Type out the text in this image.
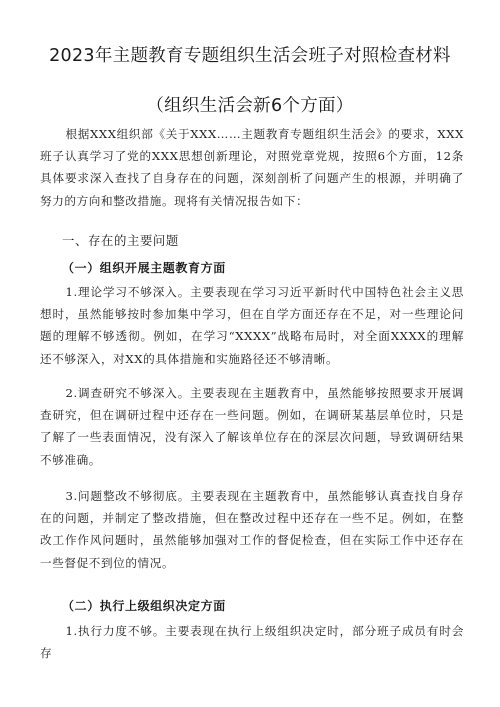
2023年主题教育专题组织生活会班子对照检查材料
（组织生活会新6个方面）
根据XXX组织部《关于XXX……主题教育专题组织生活会》的要求，XXX班子认真学习了党的XXX思想创新理论，对照党章党规，按照6个方面，12条具体要求深入查找了自身存在的问题，深刻剖析了问题产生的根源，并明确了努力的方向和整改措施。现将有关情况报告如下：
一、存在的主要问题
（一）组织开展主题教育方面
1.理论学习不够深入。主要表现在学习习近平新时代中国特色社会主义思想时，虽然能够按时参加集中学习，但在自学方面还存在不足，对一些理论问题的理解不够透彻。例如，在学习“XXXX”战略布局时，对全面XXXX的理解还不够深入，对XX的具体措施和实施路径还不够清晰。
2.调查研究不够深入。主要表现在主题教育中，虽然能够按照要求开展调查研究，但在调研过程中还存在一些问题。例如，在调研某基层单位时，只是了解了一些表面情况，没有深入了解该单位存在的深层次问题，导致调研结果不够准确。
3.问题整改不够彻底。主要表现在主题教育中，虽然能够认真查找自身存在的问题，并制定了整改措施，但在整改过程中还存在一些不足。例如，在整改工作作风问题时，虽然能够加强对工作的督促检查，但在实际工作中还存在一些督促不到位的情况。
（二）执行上级组织决定方面
1.执行力度不够。主要表现在执行上级组织决定时，部分班子成员有时会存
